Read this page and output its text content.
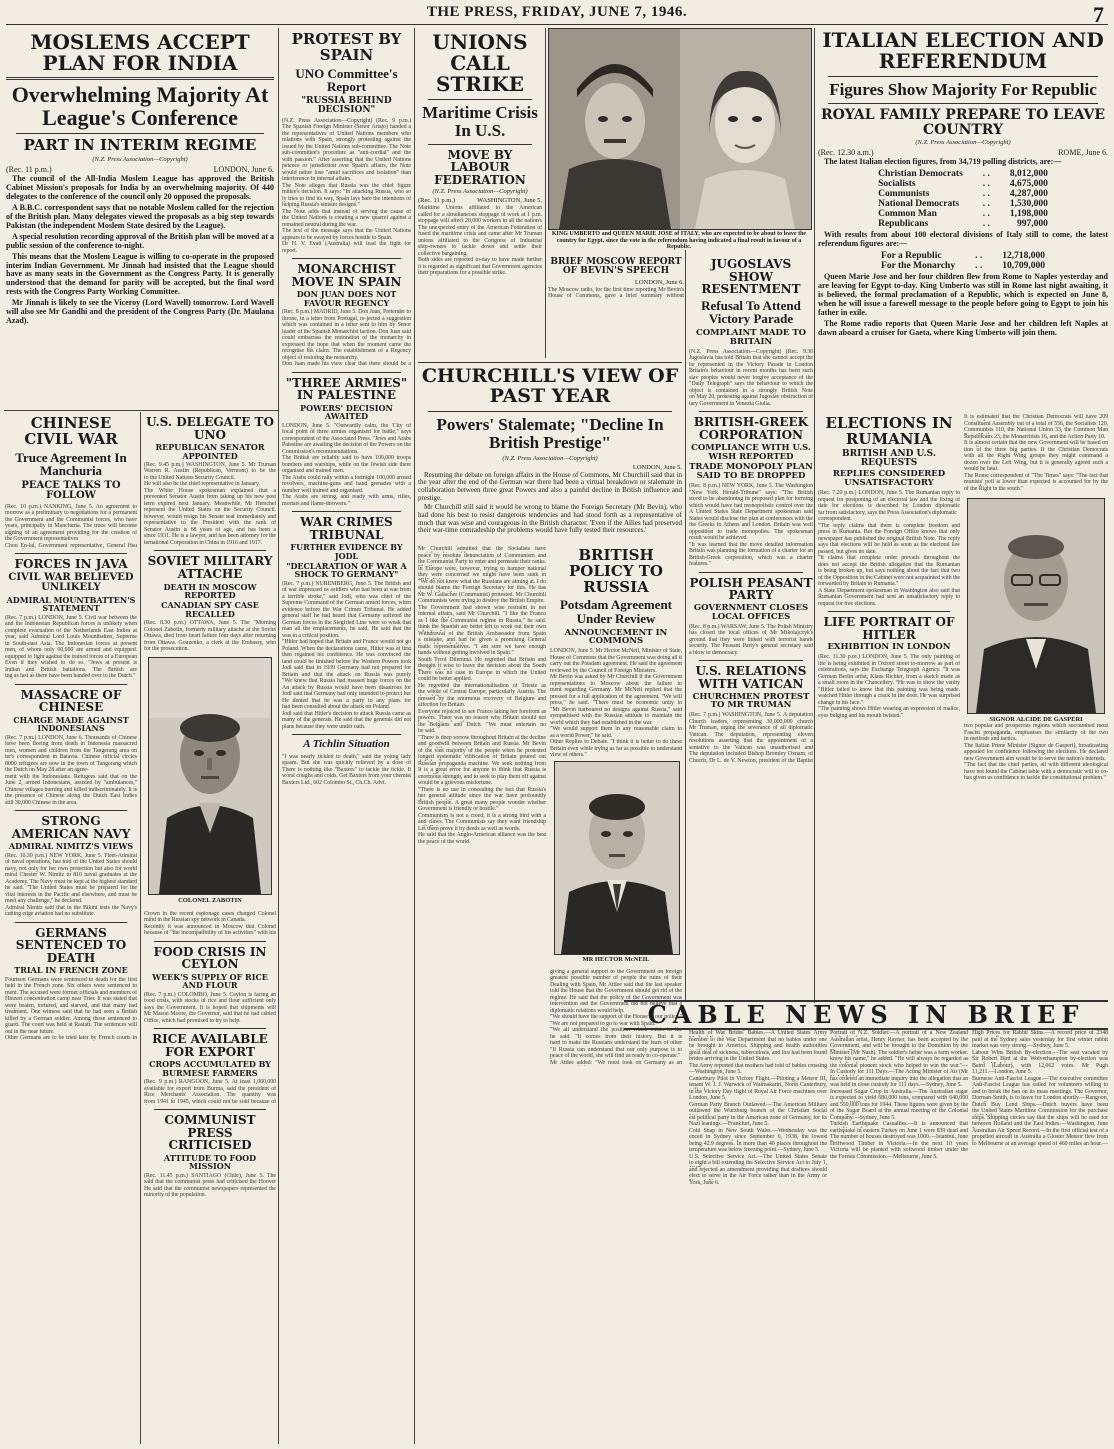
THE PRESS, FRIDAY, JUNE 7, 1946.	7
MOSLEMS ACCEPT PLAN FOR INDIA
Overwhelming Majority At League's Conference
PART IN INTERIM REGIME
(N.Z. Press Association—Copyright)
(Rec. 11 p.m.)	LONDON, June 6.

The council of the All-India Moslem League has approved the British Cabinet Mission's proposals for India by an overwhelming majority. Of 440 delegates to the conference of the council only 20 opposed the proposals.

A B.B.C. correspondent says that no notable Moslem called for the rejection of the British plan. Many delegates viewed the proposals as a big step towards Pakistan (the independent Moslem State desired by the League).

A special resolution recording approval of the British plan will be moved at a public session of the conference to-night.

This means that the Moslem League is willing to co-operate in the proposed interim Indian Government. Mr Jinnah had insisted that the League should have as many seats in the Government as the Congress Party. It is generally understood that the demand for parity will be accepted, but the final word rests with the Congress Party Working Committee.

Mr Jinnah is likely to see the Viceroy (Lord Wavell) tomorrow. Lord Wavell will also see Mr Gandhi and the president of the Congress Party (Dr. Maulana Azad).

CHINESE CIVIL WAR
Truce Agreement In Manchuria
PEACE TALKS TO FOLLOW
(Rec. 10 p.m.) NANKING, June 5. An agreement to
morrow as a preliminary to negotiations for a permanent
the Government and the Communist forces, who have
years, principally in Manchuria. The truce will become
signing of an agreement providing for the creation of
the Government representatives
Chou En-lai, Government representative, General Hsu
FORCES IN JAVA
CIVIL WAR BELIEVED UNLIKELY
ADMIRAL MOUNTBATTEN'S STATEMENT
(Rec. 7 p.m.) LONDON, June 5. Civil war between the
and the Indonesian Republican forces is unlikely when
complete evacuation of the Netherlands East Indies at
year, said Admiral Lord Louis Mountbatten, Supreme
in South-east Asia. The Indonesian forces at present
men, of whom only 60,000 are armed and equipped.
equipped to fight against the trained forces of a European
Even if they wished to do so. "Jews at present is
Indian and British battalions. The British are
ing as fast as there have been handed over to the Dutch."
MASSACRE OF CHINESE
CHARGE MADE AGAINST INDONESIANS
(Rec. 7 p.m.) LONDON, June 6. Thousands of Chinese
have been fleeing from death in Indonesia massacred
men, women and children from the Tangerang area on
ter's correspondent in Batavia. Chinese official circles
8000 refugees are now in the town of Tangerang which
the Dutch on May 28 after an agree-
ment with the Indonesians. Refugees said that on the
June 2, armed Indonesians, assisted by "ambulances,"
Chinese villages burning and killed indiscriminately. It is
the presence of Chinese along the Dutch East Indies
still 30,000 Chinese in the area.
STRONG AMERICAN NAVY
ADMIRAL NIMITZ'S VIEWS
(Rec. 10.30 p.m.) NEW YORK, June 5. Fleet-Admiral
of naval operations, has told of the United States should
navy, not only for her own protection but also for world
miral Chester W. Nimitz to 810 naval graduates at the
Academy. The Navy must be kept at the highest standard
he said. "The United States must be prepared for the
vital interests in the Pacific and elsewhere, and must be
meet any challenge," he declared.
Admiral Nimitz said that in the Bikini tests the Navy's
cutting edge aviation had no substitute.
GERMANS SENTENCED TO DEATH
TRIAL IN FRENCH ZONE
Fourteen Germans were sentenced to death for the first
held in the French zone. Six others were sentenced to
ment. The accused were former officials and members of
Hinzert concentration camp near Trier. It was stated that
were beaten, tortured, and starved, and that many had
treatment. One witness said that he had seen a British
killed by a German soldier. Among those sentenced to
guard. The court was held at Rastatt. The sentences will
out in the near future.
Other Germans are to be tried later by French courts in
PROTEST BY SPAIN
UNO Committee's Report
"RUSSIA BEHIND DECISION"
(N.Z. Press Association—Copyright) (Rec. 9 p.m.)
The Spanish Foreign Minister (Senor Artajo) handed a
the representatives of United Nations members who
relations with Spain, strongly protesting against the
issued by the United Nations sub-committee. The Note
sub-committee's procedure as "anti-cordial" and the
with passion." After asserting that the United Nations
petence or jurisdiction over Spain's affairs, the Note
would rather lose "amid sacrifices and isolation" than
interference in internal affairs.
The Note alleges that Russia was the chief figure
mittee's decision. It says: "In attacking Russia, who so
ly tries to find its way, Spain lays bare the intentions of
helping Russia's sinister designs."
The Note adds that instead of serving the cause of
the United Nations is creating a new quarrel against a
remained neutral during the war.
The text of the message says that the United Nations
appears to be swayed by forces hostile to Spain.
Dr H. V. Evatt (Australia) will lead the fight for
report.
MONARCHIST MOVE IN SPAIN
DON JUAN DOES NOT FAVOUR REGENCY
(Rec. 8 p.m.) MADRID, June 5. Don Juan, Pretender to
throne, in a letter from Portugal, re-jected a suggestion
which was contained in a letter sent to him by Senor
leader of the Spanish Monarchist faction. Don Juan said
could embarrass the restoration of the monarchy in
expressed the hope that when the moment came the
recognise his claim. The establishment of a Regency
object of restoring the monarchy.
Don Juan made his view clear that there should be a
"THREE ARMIES" IN PALESTINE
POWERS' DECISION AWAITED
LONDON, June 5. "Outwardly calm, the 'City of
focal point of three armies organised for battle," says
correspondent of the Associated Press. "Jews and Arabs
Palestine are awaiting the decision of the Powers on the
Commission's recommendations.
The British are reliably said to have 100,000 troops
bombers and warships, while on the Jewish side there
organised and trained men.
The Arabs could rally within a fortnight 100,000 armed
revolvers, machine-guns and hand grenades with a
number well trained and organised.
The Arabs are strong, and ready with arms, rifles,
mortars and flame-throwers."
WAR CRIMES TRIBUNAL
FURTHER EVIDENCE BY JODL
"DECLARATION OF WAR A SHOCK TO GERMANY"
(Rec. 7 p.m.) NUREMBERG, June 5. The British and
of war impressed us soldiers who had been at war from
a terrible stroke," said Jodl, who was chief of the
Supreme Command of the German armed forces, when
evidence before the War Crimes Tribunal. He added
general staff he had heard that Germany suffered the
German forces in the Siegfried Line were so weak that
man all the emplacements, he said. He said that the
was in a critical position.
"Hitler had hoped that Britain and France would not go
Poland. When the declarations came, Hitler was at first
then regained his confidence. He was convinced the
land could be finished before the Western Powers took
Jodl said that in 1939 Germany had not prepared for
Britain and that the attack on Russia was purely
"We knew that Russia had massed huge forces on the
An attack by Russia would have been disastrous for
Jodl said that Germany had only intended to protect her
He denied that he was a party to any plans for
had been consulted about the attack on Poland.
Jodl said that Hitler's decision to attack Russia came as
many of the generals. He said that the generals did not
plans because they were under oath.
A Tichlin Situation
"I was nearly tickled to death," said the young lady
spasm. But she was quickly relieved by a dose of
There is nothing like "Baxters" to tackle the tickle. It
worst coughs and colds. Get Baxters from your chemist
Baxters Ltd., 602 Colombo St., Ch.Ch. Advt.
U.S. DELEGATE TO UNO
REPUBLICAN SENATOR APPOINTED
(Rec. 9.45 p.m.) WASHINGTON, June 5. Mr Truman
Warren R. Austin (Republican, Vermont) to be the
to the United Nations Security Council.
He will also be the chief representative in January.
The White House spokesman explained that a
prevented Senator Austin from taking up his new post
term expired next January. Meanwhile, Mr Herschel
represent the United States on the Security Council.
however, would resign his Senate seat immediately and
representative to the President with the rank of
Senator Austin is 68 years of age, and has been a
since 1931. He is a lawyer, and has been attorney for the
ternational Corporation in China in 1916 and 1917.
SOVIET MILITARY ATTACHE
DEATH IN MOSCOW REPORTED
CANADIAN SPY CASE RECALLED
(Rec. 8.30 p.m.) OTTAWA, June 5. The "Morning
Colonel Zabotin, formerly military attache at the Soviet
Ottawa, died from heart failure four days after returning
from Ottawa. Gouzenko, a clerk at the Embassy, who
for the prosecution.
COLONEL ZABOTIN
Crown in the recent espionage cases charged Colonel
mind in the Russian spy network in Canada.
Recently it was announced in Moscow that Colonel
because of "the incompatibility of his activities" with his
FOOD CRISIS IN CEYLON
WEEK'S SUPPLY OF RICE AND FLOUR
(Rec. 7 p.m.) COLOMBO, June 5. Ceylon is facing an
food crisis, with stocks of rice and flour sufficient only
says the Government. It is hoped that shipments will
Mr Mason Moore, the Governor, said that he had cabled
Office, which had promised to try to help.
RICE AVAILABLE FOR EXPORT
CROPS ACCUMULATED BY BURMESE FARMERS
(Rec. 9 p.m.) RANGOON, June 5. At least 1,000,000
available for export from Burma, said the president of
Rice Merchants' Association. The quantity was
from 1941 to 1945, which could not be sold because of
COMMUNIST PRESS CRITICISED
ATTITUDE TO FOOD MISSION
(Rec. 11.45 p.m.) SANTIAGO (Chile), June 5. The
said that the communist press had criticised the Hoover
He said that the communist newspapers represented the
minority of the population.
UNIONS CALL STRIKE
Maritime Crisis In U.S.
MOVE BY LABOUR FEDERATION
(N.Z. Press Association—Copyright)
(Rec. 11 p.m.)	WASHINGTON, June 5.
Maritime Unions affiliated to the American
called for a simultaneous stoppage of work at 1 p.m.
stoppage will affect 20,000 workers in all the nation's
The unexpected entry of the American Federation of
fused the maritime crisis and came after Mr Truman
unions affiliated to the Congress of Industrial
ship-owners to tackle down and settle their
collective bargaining.
Both sides are reported to-day to have made further
it is regarded as significant that Government agencies
their preparations for a possible strike.
KING UMBERTO and QUEEN MARIE JOSE of ITALY, who are expected to be about to leave the country for Egypt, since the vote in the referendum having indicated a final result in favour of a Republic.
BRIEF MOSCOW REPORT OF BEVIN'S SPEECH
LONDON, June 6.
The Moscow radio, for the first time reporting Mr Bevin's
House of Commons, gave a brief summary without
CHURCHILL'S VIEW OF PAST YEAR
Powers' Stalemate; "Decline In British Prestige"
(N.Z. Press Association—Copyright)
LONDON, June 5.

Resuming the debate on foreign affairs in the House of Commons, Mr Churchill said that in the year after the end of the German war there had been a virtual breakdown or stalemate in collaboration between three great Powers and also a painful decline in British influence and prestige.

Mr Churchill still said it would be wrong to blame the Foreign Secretary (Mr Bevin), who had done his best to resist dangerous tendencies and had stood forth as a representative of much that was wise and courageous in the British character. 'Even if the Allies had preserved their war-time comradeship the problems would have fully tested their resources.'

Mr Churchill admitted that the Socialists have
peace by resolute denunciation of Communism and
the Communist Party to enter and permeate their ranks.
in Europe were, however, trying to hamper national
they were concerned we might have been sunk in
"We do not know what the Russians are aiming at. I do
should blame the Foreign Secretary for this. He has
Mr W. Gallacher (Communist) protested. Mr Churchill
Communists were trying to destroy the British Empire.
The Government had shown wise restraint in not
internal affairs, said Mr Churchill. "I like the Franco
as I like the Communist regime in Russia," he said.
think the Spanish are better left to work out their own
Withdrawal of the British Ambassador from Spain
a mistake, and had he given a promising General
matic representatives. "I am sure we have enough
hands without getting involved in Spain."
South Tyrol Dilemma. He regretted that Britain and
thought it wise to leave the decision about the South
There was no case in Europe in which the United
could be better applied.
He regretted the internationalisation of Trieste as
the whole of Central Europe, particularly Austria. The
pressed by the enormous recovery of Belgium and
affection for Britain.
Everyone rejoiced to see France taking her forefront as
powers. There was no reason why Britain should not
the Belgians and Dutch. "We must entertain no
he said.
"There is deep sorrow throughout Britain at the decline
and goodwill between Britain and Russia. Mr Bevin
of the vast majority of the people when he protested
longed systematic vilification of Britain poured out
Russian propaganda machine. We seek nothing from
It is a great error for anyone to think that Russia is
enormous strength, and to seek to play them off against
would be a grievous misfortune.
"There is no use in concealing the fact that Russia's
her general attitude since the war have profoundly
British people. A great many people wonder whether
Government is friendly or hostile."
Communism is not a creed; it is a strong bird with a
and claws. The Communists say they want friendship
Let them prove it by deeds as well as words.
He said that the Anglo-American alliance was the best
the peace of the world.
BRITISH POLICY TO RUSSIA
Potsdam Agreement Under Review
ANNOUNCEMENT IN COMMONS
LONDON, June 5. Mr Hector McNeil, Minister of State,
House of Commons that the Government was doing all it
carry out the Potsdam agreement. He said the agreement
reviewed by the Council of Foreign Ministers.
Mr Bevin was asked by Mr Churchill if the Government
representations to Moscow about the failure to
ment regarding Germany. Mr McNeil replied that the
pressed for a full application of the agreement. "We will
press," he said. "There must be economic unity in
"Mr Bevin harboured no designs against Russia," said
sympathised with the Russian attitude to maintain the
world which they had established in the war.
"We would support them in any reasonable claim to
as a world Power," he said.
Other Replies to Debate. "I think it is better to do these
Britain even while trying as far as possible to understand
view of others."
MR HECTOR McNEIL
giving a general support to the Government on foreign
greatest possible number of people the ruins of their
Dealing with Spain, Mr Attlee said that the last speaker
told the House that the Government should get rid of the
regime. He said that the policy of the Government was
intervention and the Government did not believe that a
diplomatic relations would help.
"We should have the support of the House in our policy,"
"We are not prepared to go to war with Spain."
"We all understand the position which exists in the
he said. "It comes from their history. But it is
hard to make the Russians understand the fears of other
"If Russia can understand that our only purpose is to
peace of the world, she will find us ready to co-operate."
Mr Attlee added: "We must look on Germany as an
JUGOSLAVS SHOW RESENTMENT
Refusal To Attend Victory Parade
COMPLAINT MADE TO BRITAIN
(N.Z. Press Association—Copyright) (Rec. 9.30
Jugoslavia has told Britain that she cannot accept the
be represented in the Victory Parade in London
Britain's behaviour in recent months has been such
slav peoples would never forgive acceptance of the
"Daily Telegraph" says the behaviour to which the
object is contained in a strongly British Note
on May 20, protesting against Jugoslav obstruction of
tary Government in Venezia Giulia.
BRITISH-GREEK CORPORATION
COMPLIANCE WITH U.S. WISH REPORTED
TRADE MONOPOLY PLAN SAID TO BE DROPPED
(Rec. 8 p.m.) NEW YORK, June 5. The Washington
"New York Herald-Tribune" says: "The British
stood to be abandoning its proposed plan for forming
which would have had monopolistic control over the
A United States State Department spokesman said
States would disclose the plan at conferences with the
the Greeks in Athens and London. Britain was well
opposition to trade monopolies. The spokesman
result would be achieved.
"It was learned that the move detailed information
Britain was planning the formation of a charter for an
British-Greek corporation, which was a charter
features."
POLISH PEASANT PARTY
GOVERNMENT CLOSES LOCAL OFFICES
(Rec. 8 p.m.) WARSAW, June 5. The Polish Ministry
has closed the local offices of Mr Mikolajczyk's
ground that they were linked with terrorist bands
security. The Peasant Party's general secretary said
a blow to democracy.
U.S. RELATIONS WITH VATICAN
CHURCHMEN PROTEST TO MR TRUMAN
(Rec. 7 p.m.) WASHINGTON, June 5. A deputation
Church leaders, representing 30,000,000 church
Mr Truman, urging the severance of all diplomatic
Vatican. The deputation, representing eleven
resolutions asserting that the appointment of a
sentative to the Vatican was unauthorised and
The deputation included Bishop Bromley Oxnam, of
Church, Dr L. de V. Newton, president of the Baptist
ITALIAN ELECTION AND REFERENDUM
Figures Show Majority For Republic
ROYAL FAMILY PREPARE TO LEAVE COUNTRY
(N.Z. Press Association—Copyright)
(Rec. 12.30 a.m.)	ROME, June 6.

The latest Italian election figures, from 34,719 polling districts, are:—

Christian Democrats	. .	8,012,000
Socialists	. .	4,675,000
Communists	. .	4,287,000
National Democrats	. .	1,530,000
Common Man	. .	1,198,000
Republicans	. .	997,000

With results from about 100 electoral divisions of Italy still to come, the latest referendum figures are:—

For a Republic	. .	12,718,000
For the Monarchy	. .	10,709,000

Queen Marie Jose and her four children flew from Rome to Naples yesterday and are leaving for Egypt to-day. King Umberto was still in Rome last night awaiting, it is believed, the formal proclamation of a Republic, which is expected on June 8, when he will issue a farewell message to the people before going to Egypt to join his father in exile.

The Rome radio reports that Queen Marie Jose and her children left Naples at dawn aboard a cruiser for Gaeta, where King Umberto will join them.

ELECTIONS IN RUMANIA
BRITISH AND U.S. REQUESTS
REPLIES CONSIDERED UNSATISFACTORY
(Rec. 7.20 p.m.) LONDON, June 5. The Rumanian reply to
request for postponing of an electoral law and the fixing of
date for elections is described by London diplomatic
far from satisfactory, says the Press Association's diplomatic
correspondent.
"The reply claims that there is complete freedom and
press in Rumania. But the Foreign Office knows that only
newspaper has published the original British Note. The reply
says that elections will be held as soon as the electoral law
passed, but gives no date.
"It claims that complete order prevails throughout the
does not accept the British allegation that the Rumanian
is being broken up, but says nothing about the fact that two
of the Opposition in the Cabinet were not acquainted with the
forwarded by Britain to Rumania."
A State Department spokesman in Washington also said that
Rumanian Government had sent an unsatisfactory reply to
request for free elections.
LIFE PORTRAIT OF HITLER
EXHIBITION IN LONDON
(Rec. 11.30 p.m.) LONDON, June 5. The only painting of
life is being exhibited in Oxford street to-morrow as part of
celebrations, says the Exchange Telegraph Agency. "It was
German Berlin artist, Klaus Richter, from a sketch made as
a small room in the Chancellery. "He was to show the vanity
"Hitler failed to know that this painting was being made.
watched Hitler through a crack in the door. He was surprised
change in his face."
"The painting shows Hitler wearing an expression of malice,
eyes bulging and his mouth twisted."
It is estimated that the Christian Democrats will have 209
Constituent Assembly out of a total of 556, the Socialists 120,
Communists 110, the National Union 33, the Common Man
Republicans 23, the Monarchists 16, and the Action Party 10.
It is almost certain that the new Government will be based on
tion of the three big parties. If the Christian Democrats
with all the Right Wing groups they might command a
dozen over the Left Wing, but it is generally agreed such a
would be fatal.
The Rome correspondent of "The Times" says: "The fact that
munists' poll is lower than expected is accounted for by the
of the Right in the south."
SIGNOR ALCIDE DE GASPERI
two popular and prosperous regions which succumbed most
Fascist propaganda, emphasises the similarity of the two
in methods and tactics.
The Italian Prime Minister (Signor de Gasperi), broadcasting
appealed for confidence following the elections. He declared
new Government aim would be to serve the nation's interests.
"The fact that the chief parties, all with different ideological
have not found the Cabinet table with a democratic will to co-
has given us confidence to tackle the constitutional problem."
CABLE NEWS IN BRIEF
Health of War Brides' Babies.—A United States Army
member to the War Department that no babies under one
be brought to America. Shipping and health authorities
great deal of sickness, tuberculosis, and lice had been found
brides arriving in the United States.
The Army reported that mothers had told of babies crossing
—Washington, June 5.
Canterbury Pilot in Victory Flight.—Piloting a Meteor III,
tenant W. J. J. Warwick of Waimakariri, North Canterbury,
in the Victory Day flight of Royal Air Force machines over
London, June 5.
German Party Branch Outlawed.—The American Military
outlawed the Wurzburg branch of the Christian Social
est political party in the American zone of Germany, for its
Nazi leanings.—Frankfurt, June 5.
Cold Snap in New South Wales.—Wednesday was the
enced in Sydney since September 6, 1938, the lowest
being 42.9 degrees. In more than 40 places throughout the
temperature was below freezing point.—Sydney, June 5.
U.S. Selective Service Act.—The United States Senate
to eight a bill extending the Selective Service Act to July 1,
and rejected an amendment providing that draftees should
elect to serve in the Air Force rather than in the Army or
York, June 6.
Portrait of N.Z. Soldier.—A portrait of a New Zealand
Australian artist, Henry Rayner, has been accepted by the
Government, and will be brought to the Dominion by the
Minister (Mr Nash). The soldier's father was a farm worker.
know his name," he added. "He will always be regarded as
the colonial pioneer stock who helped to win the war."—
In Custody for 111 Days.—The Acting Minister of Air (Mr
has ordered an immediate inquiry into the allegation that an
was held in close custody for 111 days.—Sydney, June 5.
Increased Sugar Crop in Australia.—The Australian sugar
is expected to yield 680,000 tons, compared with 640,000
and 550,000 tons for 1944. These figures were given by the
of the Sugar Board at the annual meeting of the Colonial
Company.—Sydney, June 5.
Turkish Earthquake Casualties.—It is announced that
earthquake in eastern Turkey on June 1 were 839 dead and
The number of houses destroyed was 1000.—Istanbul, June
Driftwood Timber in Victoria.—In the next 10 years
Victoria will be planted with softwood timber under the
the Forests Commission.—Melbourne, June 5.
High Prices for Rabbit Skins.—A record price of 2348
paid at the Sydney sales yesterday for first winter rabbit
market was very strong.—Sydney, June 5.
Labour Wins British By-election.—The seat vacated by
Sir Robert Bird at the Wolverhampton by-election was
Baird (Labour), with 12,062 votes. Mr Pugh
11,211.—London, June 5.
Burmese Anti-Fascist League.—The executive committee
Anti-Fascist League has called for volunteers willing to
and to break the ban on its mass meetings. The Governor,
Dorman-Smith, is to leave for London shortly.—Rangoon,
Dutch Buy Lend Ships.—Dutch buyers have been
the United States Maritime Commission for the purchase
ships. Shipping circles say that the ships will be used for
between Holland and the East Indies.—Washington, June
Australian Air Speed Record.—In the first official test of a
propelled aircraft in Australia a Gloster Meteor flew from
to Melbourne at an average speed of 460 miles an hour.—
